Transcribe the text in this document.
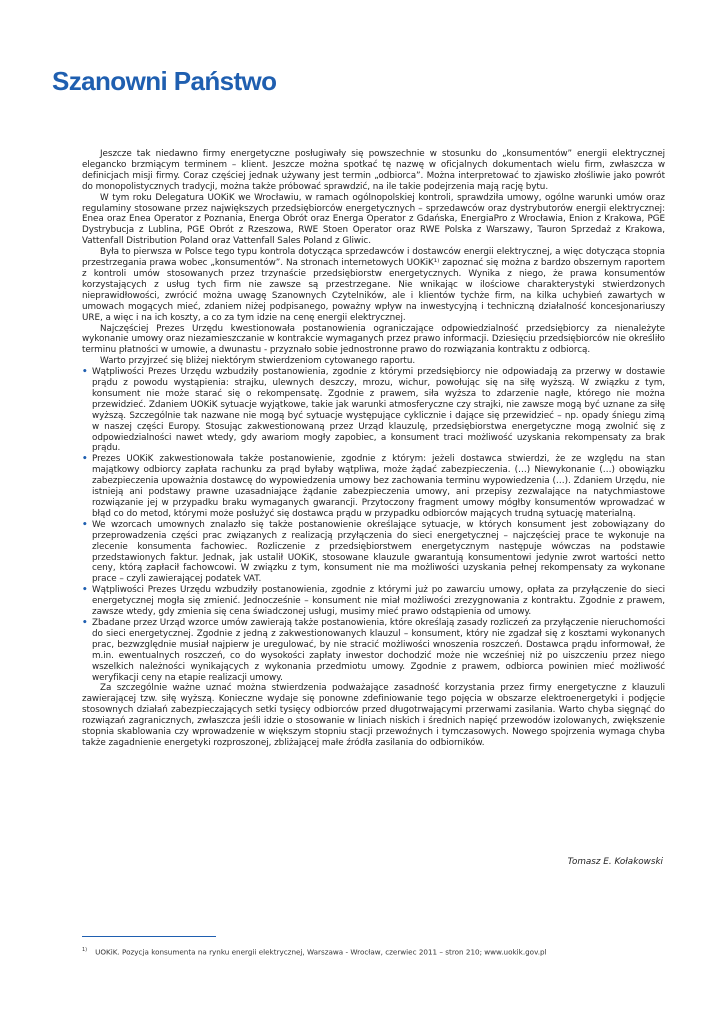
Szanowni Państwo

Jeszcze tak niedawno firmy energetyczne posługiwały się powszechnie w stosunku do „konsumentów” energii elektrycznej elegancko brzmiącym terminem – klient. Jeszcze można spotkać tę nazwę w oficjalnych dokumentach wielu firm, zwłaszcza w definicjach misji firmy. Coraz częściej jednak używany jest termin „odbiorca”. Można interpretować to zjawisko złośliwie jako powrót do monopolistycznych tradycji, można także próbować sprawdzić, na ile takie podejrzenia mają rację bytu.

W tym roku Delegatura UOKiK we Wrocławiu, w ramach ogólnopolskiej kontroli, sprawdziła umowy, ogólne warunki umów oraz regulaminy stosowane przez największych przedsiębiorców energetycznych – sprzedawców oraz dystrybutorów energii elektrycznej: Enea oraz Enea Operator z Poznania, Energa Obrót oraz Energa Operator z Gdańska, EnergiaPro z Wrocławia, Enion z Krakowa, PGE Dystrybucja z Lublina, PGE Obrót z Rzeszowa, RWE Stoen Operator oraz RWE Polska z Warszawy, Tauron Sprzedaż z Krakowa, Vattenfall Distribution Poland oraz Vattenfall Sales Poland z Gliwic.

Była to pierwsza w Polsce tego typu kontrola dotycząca sprzedawców i dostawców energii elektrycznej, a więc dotycząca stopnia przestrzegania prawa wobec „konsumentów”. Na stronach internetowych UOKiK¹⁾ zapoznać się można z bardzo obszernym raportem z kontroli umów stosowanych przez trzynaście przedsiębiorstw energetycznych. Wynika z niego, że prawa konsumentów korzystających z usług tych firm nie zawsze są przestrzegane. Nie wnikając w ilościowe charakterystyki stwierdzonych nieprawidłowości, zwrócić można uwagę Szanownych Czytelników, ale i klientów tychże firm, na kilka uchybień zawartych w umowach mogących mieć, zdaniem niżej podpisanego, poważny wpływ na inwestycyjną i techniczną działalność koncesjonariuszy URE, a więc i na ich koszty, a co za tym idzie na cenę energii elektrycznej.

Najczęściej Prezes Urzędu kwestionowała postanowienia ograniczające odpowiedzialność przedsiębiorcy za nienależyte wykonanie umowy oraz niezamieszczanie w kontrakcie wymaganych przez prawo informacji. Dziesięciu przedsiębiorców nie określiło terminu płatności w umowie, a dwunastu - przyznało sobie jednostronne prawo do rozwiązania kontraktu z odbiorcą.

Warto przyjrzeć się bliżej niektórym stwierdzeniom cytowanego raportu.

• Wątpliwości Prezes Urzędu wzbudziły postanowienia, zgodnie z którymi przedsiębiorcy nie odpowiadają za przerwy w dostawie prądu z powodu wystąpienia: strajku, ulewnych deszczy, mrozu, wichur, powołując się na siłę wyższą. W związku z tym, konsument nie może starać się o rekompensatę. Zgodnie z prawem, siła wyższa to zdarzenie nagłe, którego nie można przewidzieć. Zdaniem UOKiK sytuacje wyjątkowe, takie jak warunki atmosferyczne czy strajki, nie zawsze mogą być uznane za siłę wyższą. Szczególnie tak nazwane nie mogą być sytuacje występujące cyklicznie i dające się przewidzieć – np. opady śniegu zimą w naszej części Europy. Stosując zakwestionowaną przez Urząd klauzulę, przedsiębiorstwa energetyczne mogą zwolnić się z odpowiedzialności nawet wtedy, gdy awariom mogły zapobiec, a konsument traci możliwość uzyskania rekompensaty za brak prądu.
• Prezes UOKiK zakwestionowała także postanowienie, zgodnie z którym: jeżeli dostawca stwierdzi, że ze względu na stan majątkowy odbiorcy zapłata rachunku za prąd byłaby wątpliwa, może żądać zabezpieczenia. (…) Niewykonanie (…) obowiązku zabezpieczenia upoważnia dostawcę do wypowiedzenia umowy bez zachowania terminu wypowiedzenia (…). Zdaniem Urzędu, nie istnieją ani podstawy prawne uzasadniające żądanie zabezpieczenia umowy, ani przepisy zezwalające na natychmiastowe rozwiązanie jej w przypadku braku wymaganych gwarancji. Przytoczony fragment umowy mógłby konsumentów wprowadzać w błąd co do metod, którymi może posłużyć się dostawca prądu w przypadku odbiorców mających trudną sytuację materialną.
• We wzorcach umownych znalazło się także postanowienie określające sytuacje, w których konsument jest zobowiązany do przeprowadzenia części prac związanych z realizacją przyłączenia do sieci energetycznej – najczęściej prace te wykonuje na zlecenie konsumenta fachowiec. Rozliczenie z przedsiębiorstwem energetycznym następuje wówczas na podstawie przedstawionych faktur. Jednak, jak ustalił UOKiK, stosowane klauzule gwarantują konsumentowi jedynie zwrot wartości netto ceny, którą zapłacił fachowcowi. W związku z tym, konsument nie ma możliwości uzyskania pełnej rekompensaty za wykonane prace – czyli zawierającej podatek VAT.
• Wątpliwości Prezes Urzędu wzbudziły postanowienia, zgodnie z którymi już po zawarciu umowy, opłata za przyłączenie do sieci energetycznej mogła się zmienić. Jednocześnie – konsument nie miał możliwości zrezygnowania z kontraktu. Zgodnie z prawem, zawsze wtedy, gdy zmienia się cena świadczonej usługi, musimy mieć prawo odstąpienia od umowy.
• Zbadane przez Urząd wzorce umów zawierają także postanowienia, które określają zasady rozliczeń za przyłączenie nieruchomości do sieci energetycznej. Zgodnie z jedną z zakwestionowanych klauzul – konsument, który nie zgadzał się z kosztami wykonanych prac, bezwzględnie musiał najpierw je uregulować, by nie stracić możliwości wnoszenia roszczeń. Dostawca prądu informował, że m.in. ewentualnych roszczeń, co do wysokości zapłaty inwestor dochodzić może nie wcześniej niż po uiszczeniu przez niego wszelkich należności wynikających z wykonania przedmiotu umowy. Zgodnie z prawem, odbiorca powinien mieć możliwość weryfikacji ceny na etapie realizacji umowy.

Za szczególnie ważne uznać można stwierdzenia podważające zasadność korzystania przez firmy energetyczne z klauzuli zawierającej tzw. siłę wyższą. Konieczne wydaje się ponowne zdefiniowanie tego pojęcia w obszarze elektroenergetyki i podjęcie stosownych działań zabezpieczających setki tysięcy odbiorców przed długotrwającymi przerwami zasilania. Warto chyba sięgnąć do rozwiązań zagranicznych, zwłaszcza jeśli idzie o stosowanie w liniach niskich i średnich napięć przewodów izolowanych, zwiększenie stopnia skablowania czy wprowadzenie w większym stopniu stacji przewoźnych i tymczasowych. Nowego spojrzenia wymaga chyba także zagadnienie energetyki rozproszonej, zbliżającej małe źródła zasilania do odbiorników.

Tomasz E. Kołakowski
$^{1)}$ UOKiK. Pozycja konsumenta na rynku energii elektrycznej, Warszawa - Wrocław, czerwiec 2011 – stron 210; www.uokik.gov.pl
